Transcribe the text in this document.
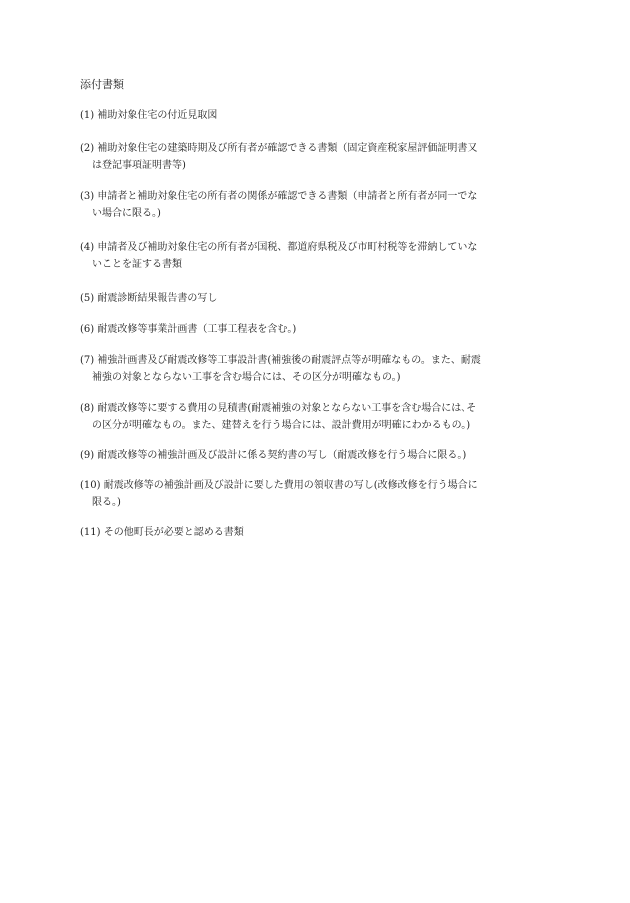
添付書類
(1) 補助対象住宅の付近見取図
(2) 補助対象住宅の建築時期及び所有者が確認できる書類（固定資産税家屋評価証明書又
は登記事項証明書等)
(3) 申請者と補助対象住宅の所有者の関係が確認できる書類（申請者と所有者が同一でな
い場合に限る。)
(4) 申請者及び補助対象住宅の所有者が国税、都道府県税及び市町村税等を滞納していな
いことを証する書類
(5) 耐震診断結果報告書の写し
(6) 耐震改修等事業計画書（工事工程表を含む。)
(7) 補強計画書及び耐震改修等工事設計書(補強後の耐震評点等が明確なもの。また、耐震
補強の対象とならない工事を含む場合には、その区分が明確なもの。)
(8) 耐震改修等に要する費用の見積書(耐震補強の対象とならない工事を含む場合には､そ
の区分が明確なもの。また、建替えを行う場合には、設計費用が明確にわかるもの。)
(9) 耐震改修等の補強計画及び設計に係る契約書の写し（耐震改修を行う場合に限る。)
(10) 耐震改修等の補強計画及び設計に要した費用の領収書の写し(改修改修を行う場合に
限る。)
(11) その他町長が必要と認める書類
